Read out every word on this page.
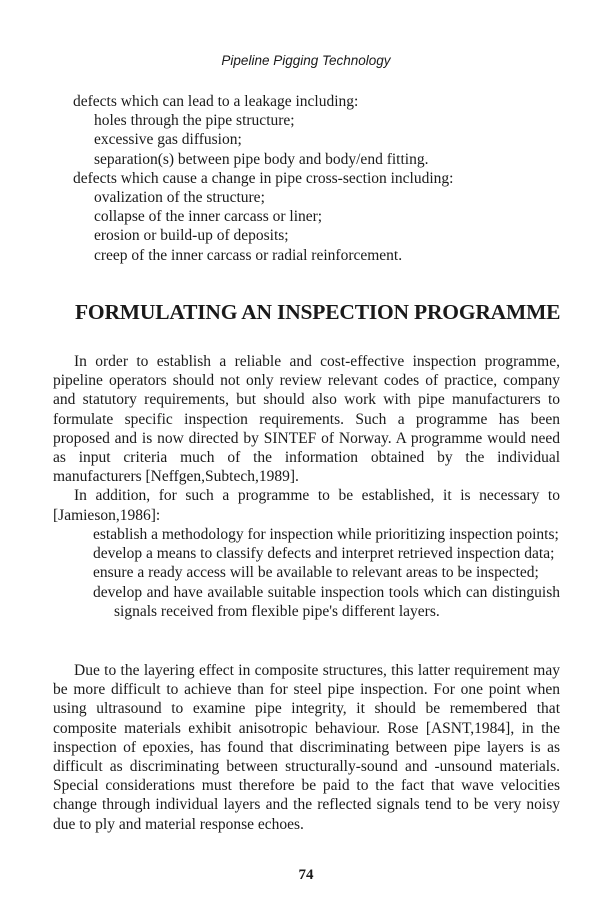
Pipeline Pigging Technology
defects which can lead to a leakage including:
holes through the pipe structure;
excessive gas diffusion;
separation(s) between pipe body and body/end fitting.
defects which cause a change in pipe cross-section including:
ovalization of the structure;
collapse of the inner carcass or liner;
erosion or build-up of deposits;
creep of the inner carcass or radial reinforcement.
FORMULATING AN INSPECTION PROGRAMME

In order to establish a reliable and cost-effective inspection programme, pipeline operators should not only review relevant codes of practice, company and statutory requirements, but should also work with pipe manufacturers to formulate specific inspection requirements. Such a programme has been proposed and is now directed by SINTEF of Norway. A programme would need as input criteria much of the information obtained by the individual manufacturers [Neffgen,Subtech,1989].

In addition, for such a programme to be established, it is necessary to [Jamieson,1986]:

establish a methodology for inspection while prioritizing inspection points;
develop a means to classify defects and interpret retrieved inspection data;
ensure a ready access will be available to relevant areas to be inspected;
develop and have available suitable inspection tools which can distinguish signals received from flexible pipe's different layers.

Due to the layering effect in composite structures, this latter requirement may be more difficult to achieve than for steel pipe inspection. For one point when using ultrasound to examine pipe integrity, it should be remembered that composite materials exhibit anisotropic behaviour. Rose [ASNT,1984], in the inspection of epoxies, has found that discriminating between pipe layers is as difficult as discriminating between structurally-sound and -unsound materials. Special considerations must therefore be paid to the fact that wave velocities change through individual layers and the reflected signals tend to be very noisy due to ply and material response echoes.

74
